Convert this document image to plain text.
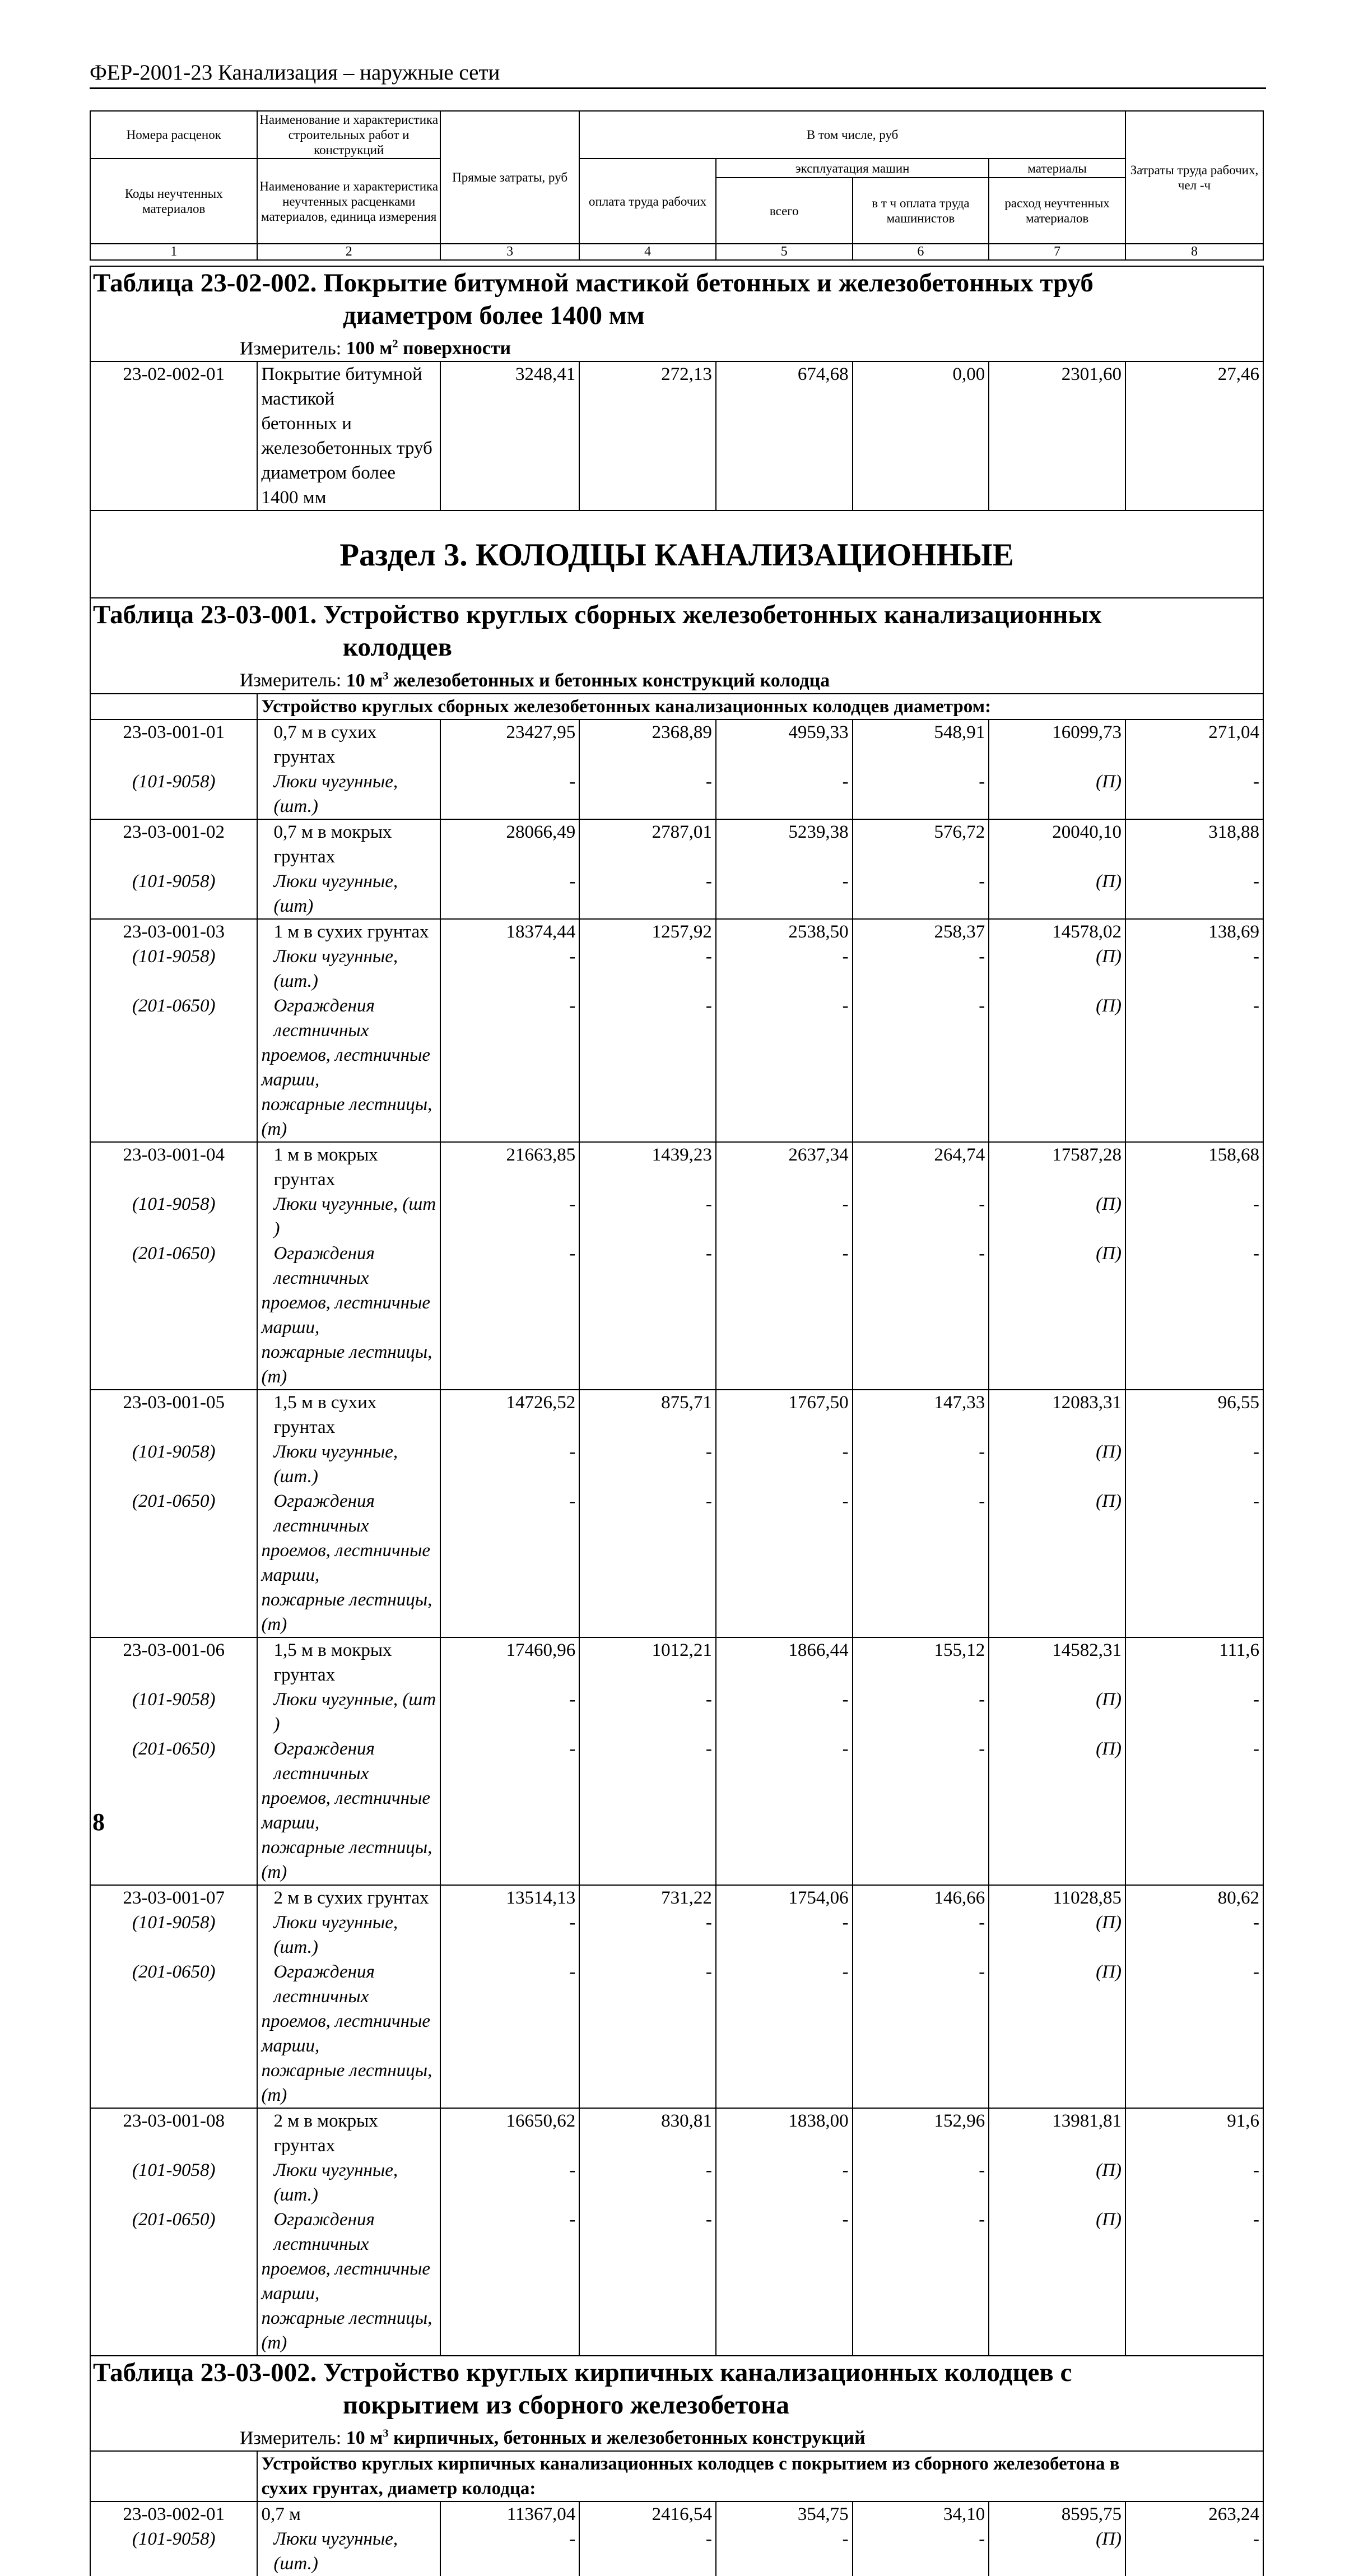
ФЕР-2001-23 Канализация – наружные сети
Номера расценок	Наименование и характеристика строительных работ и конструкций	Прямые затраты, руб	В том числе, руб				Затраты труда рабочих, чел -ч
Коды неучтенных материалов	Наименование и характеристика неучтенных расценками материалов, единица измерения		оплата труда рабочих	эксплуатация машин		материалы	
				всего	в т ч оплата труда машинистов	расход неучтенных материалов	
1	2	3	4	5	6	7	8
Таблица 23-02-002. Покрытие битумной мастикой бетонных и железобетонных труб
диаметром более 1400 мм							

Измеритель: 100 $м^2$ поверхности							

23-02-002-01	Покрытие битумной мастикой	3248,41	272,13	674,68	0,00	2301,60	27,46
	бетонных и железобетонных труб						
	диаметром более 1400 мм						

Раздел 3. КОЛОДЦЫ КАНАЛИЗАЦИОННЫЕ							

Таблица 23-03-001. Устройство круглых сборных железобетонных канализационных
колодцев							

Измеритель: 10 $м^3$ железобетонных и бетонных конструкций колодца							

	Устройство круглых сборных железобетонных канализационных колодцев диаметром:						
23-03-001-01	0,7 м в сухих грунтах	23427,95	2368,89	4959,33	548,91	16099,73	271,04
(101-9058)	Люки чугунные, (шт.)	-	-	-	-	(П)	-
23-03-001-02	0,7 м в мокрых грунтах	28066,49	2787,01	5239,38	576,72	20040,10	318,88
(101-9058)	Люки чугунные, (шт)	-	-	-	-	(П)	-
23-03-001-03	1 м в сухих грунтах	18374,44	1257,92	2538,50	258,37	14578,02	138,69
(101-9058)	Люки чугунные, (шт.)	-	-	-	-	(П)	-
(201-0650)	Ограждения лестничных	-	-	-	-	(П)	-
	проемов, лестничные марши,						
	пожарные лестницы, (т)						
23-03-001-04	1 м в мокрых грунтах	21663,85	1439,23	2637,34	264,74	17587,28	158,68
(101-9058)	Люки чугунные, (шт )	-	-	-	-	(П)	-
(201-0650)	Ограждения лестничных	-	-	-	-	(П)	-
	проемов, лестничные марши,						
	пожарные лестницы, (т)						
23-03-001-05	1,5 м в сухих грунтах	14726,52	875,71	1767,50	147,33	12083,31	96,55
(101-9058)	Люки чугунные, (шт.)	-	-	-	-	(П)	-
(201-0650)	Ограждения лестничных	-	-	-	-	(П)	-
	проемов, лестничные марши,						
	пожарные лестницы, (т)						
23-03-001-06	1,5 м в мокрых грунтах	17460,96	1012,21	1866,44	155,12	14582,31	111,6
(101-9058)	Люки чугунные, (шт )	-	-	-	-	(П)	-
(201-0650)	Ограждения лестничных	-	-	-	-	(П)	-
	проемов, лестничные марши,						
	пожарные лестницы, (т)						
23-03-001-07	2 м в сухих грунтах	13514,13	731,22	1754,06	146,66	11028,85	80,62
(101-9058)	Люки чугунные, (шт.)	-	-	-	-	(П)	-
(201-0650)	Ограждения лестничных	-	-	-	-	(П)	-
	проемов, лестничные марши,						
	пожарные лестницы, (т)						
23-03-001-08	2 м в мокрых грунтах	16650,62	830,81	1838,00	152,96	13981,81	91,6
(101-9058)	Люки чугунные, (шт.)	-	-	-	-	(П)	-
(201-0650)	Ограждения лестничных	-	-	-	-	(П)	-
	проемов, лестничные марши,						
	пожарные лестницы, (т)						

Таблица 23-03-002. Устройство круглых кирпичных канализационных колодцев с
покрытием из сборного железобетона							

Измеритель: 10 $м^3$ кирпичных, бетонных и железобетонных конструкций							

	Устройство круглых кирпичных канализационных колодцев с покрытием из сборного железобетона в						
	сухих грунтах, диаметр колодца:						
23-03-002-01	0,7 м	11367,04	2416,54	354,75	34,10	8595,75	263,24
(101-9058)	Люки чугунные, (шт.)	-	-	-	-	(П)	-
8
